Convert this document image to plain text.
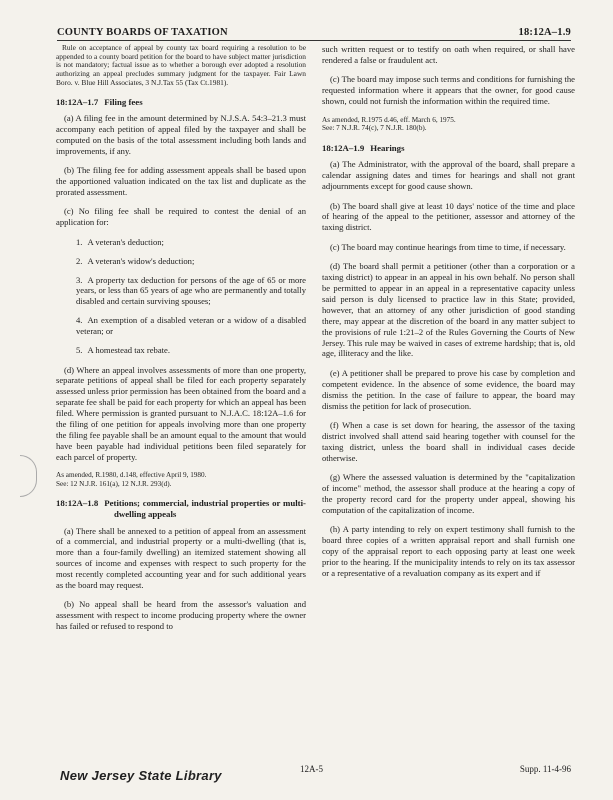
COUNTY BOARDS OF TAXATION	18:12A–1.9

Rule on acceptance of appeal by county tax board requiring a resolution to be appended to a county board petition for the board to have subject matter jurisdiction is not mandatory; factual issue as to whether a borough ever adopted a resolution authorizing an appeal precludes summary judgment for the taxpayer. Fair Lawn Boro. v. Blue Hill Associates, 3 N.J.Tax 55 (Tax Ct.1981).

18:12A–1.7 Filing fees

(a) A filing fee in the amount determined by N.J.S.A. 54:3–21.3 must accompany each petition of appeal filed by the taxpayer and shall be computed on the basis of the total assessment including both lands and improvements, if any.

(b) The filing fee for adding assessment appeals shall be based upon the apportioned valuation indicated on the tax list and duplicate as the prorated assessment.

(c) No filing fee shall be required to contest the denial of an application for:

1. A veteran's deduction;
2. A veteran's widow's deduction;
3. A property tax deduction for persons of the age of 65 or more years, or less than 65 years of age who are permanently and totally disabled and certain surviving spouses;
4. An exemption of a disabled veteran or a widow of a disabled veteran; or
5. A homestead tax rebate.

(d) Where an appeal involves assessments of more than one property, separate petitions of appeal shall be filed for each property separately assessed unless prior permission has been obtained from the board and a separate fee shall be paid for each property for which an appeal has been filed. Where permission is granted pursuant to N.J.A.C. 18:12A–1.6 for the filing of one petition for appeals involving more than one property the filing fee payable shall be an amount equal to the amount that would have been payable had individual petitions been filed separately for each parcel of property.

As amended, R.1980, d.148, effective April 9, 1980.
See: 12 N.J.R. 161(a), 12 N.J.R. 293(d).

18:12A–1.8 Petitions; commercial, industrial properties or multi-dwelling appeals

(a) There shall be annexed to a petition of appeal from an assessment of a commercial, and industrial property or a multi-dwelling (that is, more than a four-family dwelling) an itemized statement showing all sources of income and expenses with respect to such property for the most recently completed accounting year and for such additional years as the board may request.

(b) No appeal shall be heard from the assessor's valuation and assessment with respect to income producing property where the owner has failed or refused to respond to

such written request or to testify on oath when required, or shall have rendered a false or fraudulent act.

(c) The board may impose such terms and conditions for furnishing the requested information where it appears that the owner, for good cause shown, could not furnish the information within the required time.

As amended, R.1975 d.46, eff. March 6, 1975.
See: 7 N.J.R. 74(c), 7 N.J.R. 180(b).

18:12A–1.9 Hearings

(a) The Administrator, with the approval of the board, shall prepare a calendar assigning dates and times for hearings and shall not grant adjournments except for good cause shown.

(b) The board shall give at least 10 days' notice of the time and place of hearing of the appeal to the petitioner, assessor and attorney of the taxing district.

(c) The board may continue hearings from time to time, if necessary.

(d) The board shall permit a petitioner (other than a corporation or a taxing district) to appear in an appeal in his own behalf. No person shall be permitted to appear in an appeal in a representative capacity unless said person is duly licensed to practice law in this State; provided, however, that an attorney of any other jurisdiction of good standing there, may appear at the discretion of the board in any matter subject to the provisions of rule 1:21–2 of the Rules Governing the Courts of New Jersey. This rule may be waived in cases of extreme hardship; that is, old age, illiteracy and the like.

(e) A petitioner shall be prepared to prove his case by completion and competent evidence. In the absence of some evidence, the board may dismiss the petition. In the case of failure to appear, the board may dismiss the petition for lack of prosecution.

(f) When a case is set down for hearing, the assessor of the taxing district involved shall attend said hearing together with counsel for the taxing district, unless the board shall in individual cases decide otherwise.

(g) Where the assessed valuation is determined by the "capitalization of income" method, the assessor shall produce at the hearing a copy of the property record card for the property under appeal, showing his computation of the capitalization of income.

(h) A party intending to rely on expert testimony shall furnish to the board three copies of a written appraisal report and shall furnish one copy of the appraisal report to each opposing party at least one week prior to the hearing. If the municipality intends to rely on its tax assessor or a representative of a revaluation company as its expert and if

New Jersey State Library	12A-5	Supp. 11-4-96
